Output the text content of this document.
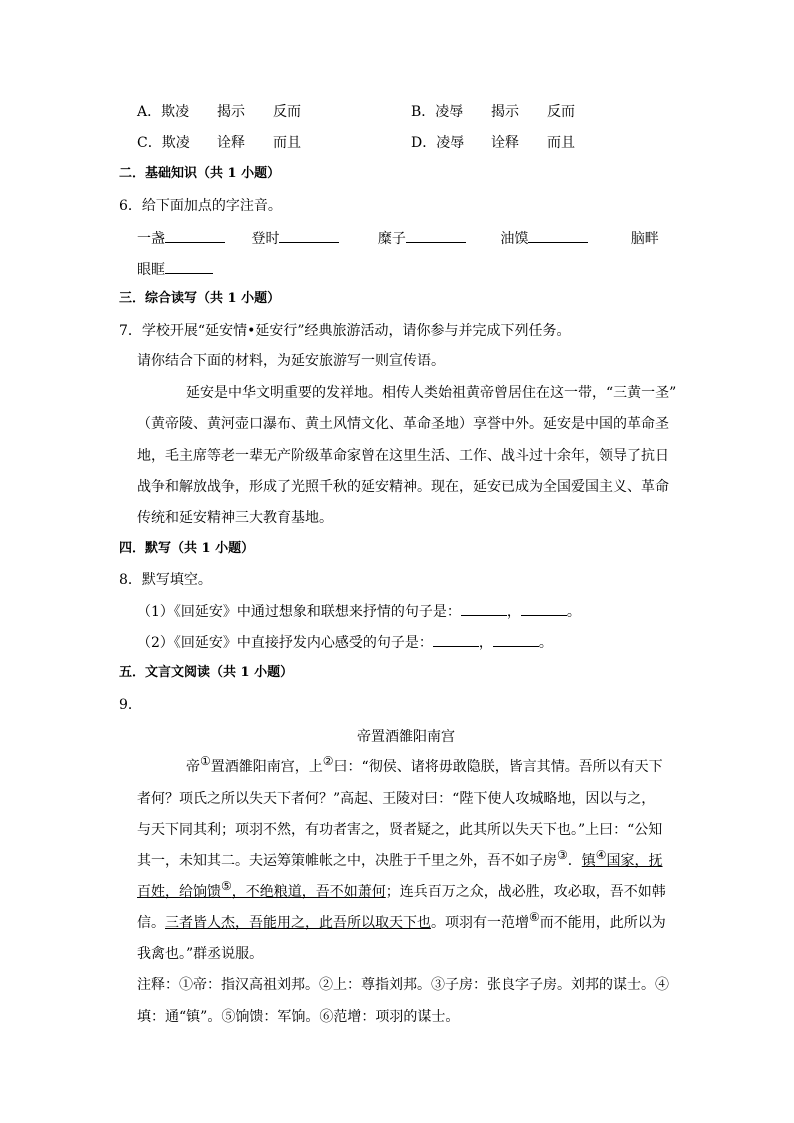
A．欺凌 揭示 反而	B．凌辱 揭示 反而
C．欺凌 诠释 而且	D．凌辱 诠释 而且
二．基础知识（共 1 小题）
6．给下面加点的字注音。
一盏	登时	糜子	油馍	脑畔
眼眶
三．综合读写（共 1 小题）
7．学校开展“延安情•延安行”经典旅游活动，请你参与并完成下列任务。
请你结合下面的材料，为延安旅游写一则宣传语。
延安是中华文明重要的发祥地。相传人类始祖黄帝曾居住在这一带，“三黄一圣”
（黄帝陵、黄河壶口瀑布、黄土风情文化、革命圣地）享誉中外。延安是中国的革命圣
地，毛主席等老一辈无产阶级革命家曾在这里生活、工作、战斗过十余年，领导了抗日
战争和解放战争，形成了光照千秋的延安精神。现在，延安已成为全国爱国主义、革命
传统和延安精神三大教育基地。
四．默写（共 1 小题）
8．默写填空。
（1）《回延安》中通过想象和联想来抒情的句子是：	，	。
（2）《回延安》中直接抒发内心感受的句子是：	，	。
五．文言文阅读（共 1 小题）
9．
帝置酒雒阳南宫
帝①置酒雒阳南宫，上②曰：“彻侯、诸将毋敢隐朕，皆言其情。吾所以有天下
者何？项氏之所以失天下者何？”高起、王陵对曰：“陛下使人攻城略地，因以与之，
与天下同其利；项羽不然，有功者害之，贤者疑之，此其所以失天下也。”上曰：“公知
其一，未知其二。夫运筹策帷帐之中，决胜于千里之外，吾不如子房③．镇④国家，抚
百姓，给饷馈⑤，不绝粮道，吾不如萧何；连兵百万之众，战必胜，攻必取，吾不如韩
信。三者皆人杰，吾能用之，此吾所以取天下也。项羽有一范增⑥而不能用，此所以为
我禽也。”群丞说服。
注释：①帝：指汉高祖刘邦。②上：尊指刘邦。③子房：张良字子房。刘邦的谋士。④
填：通“镇”。⑤饷馈：军饷。⑥范增：项羽的谋士。
